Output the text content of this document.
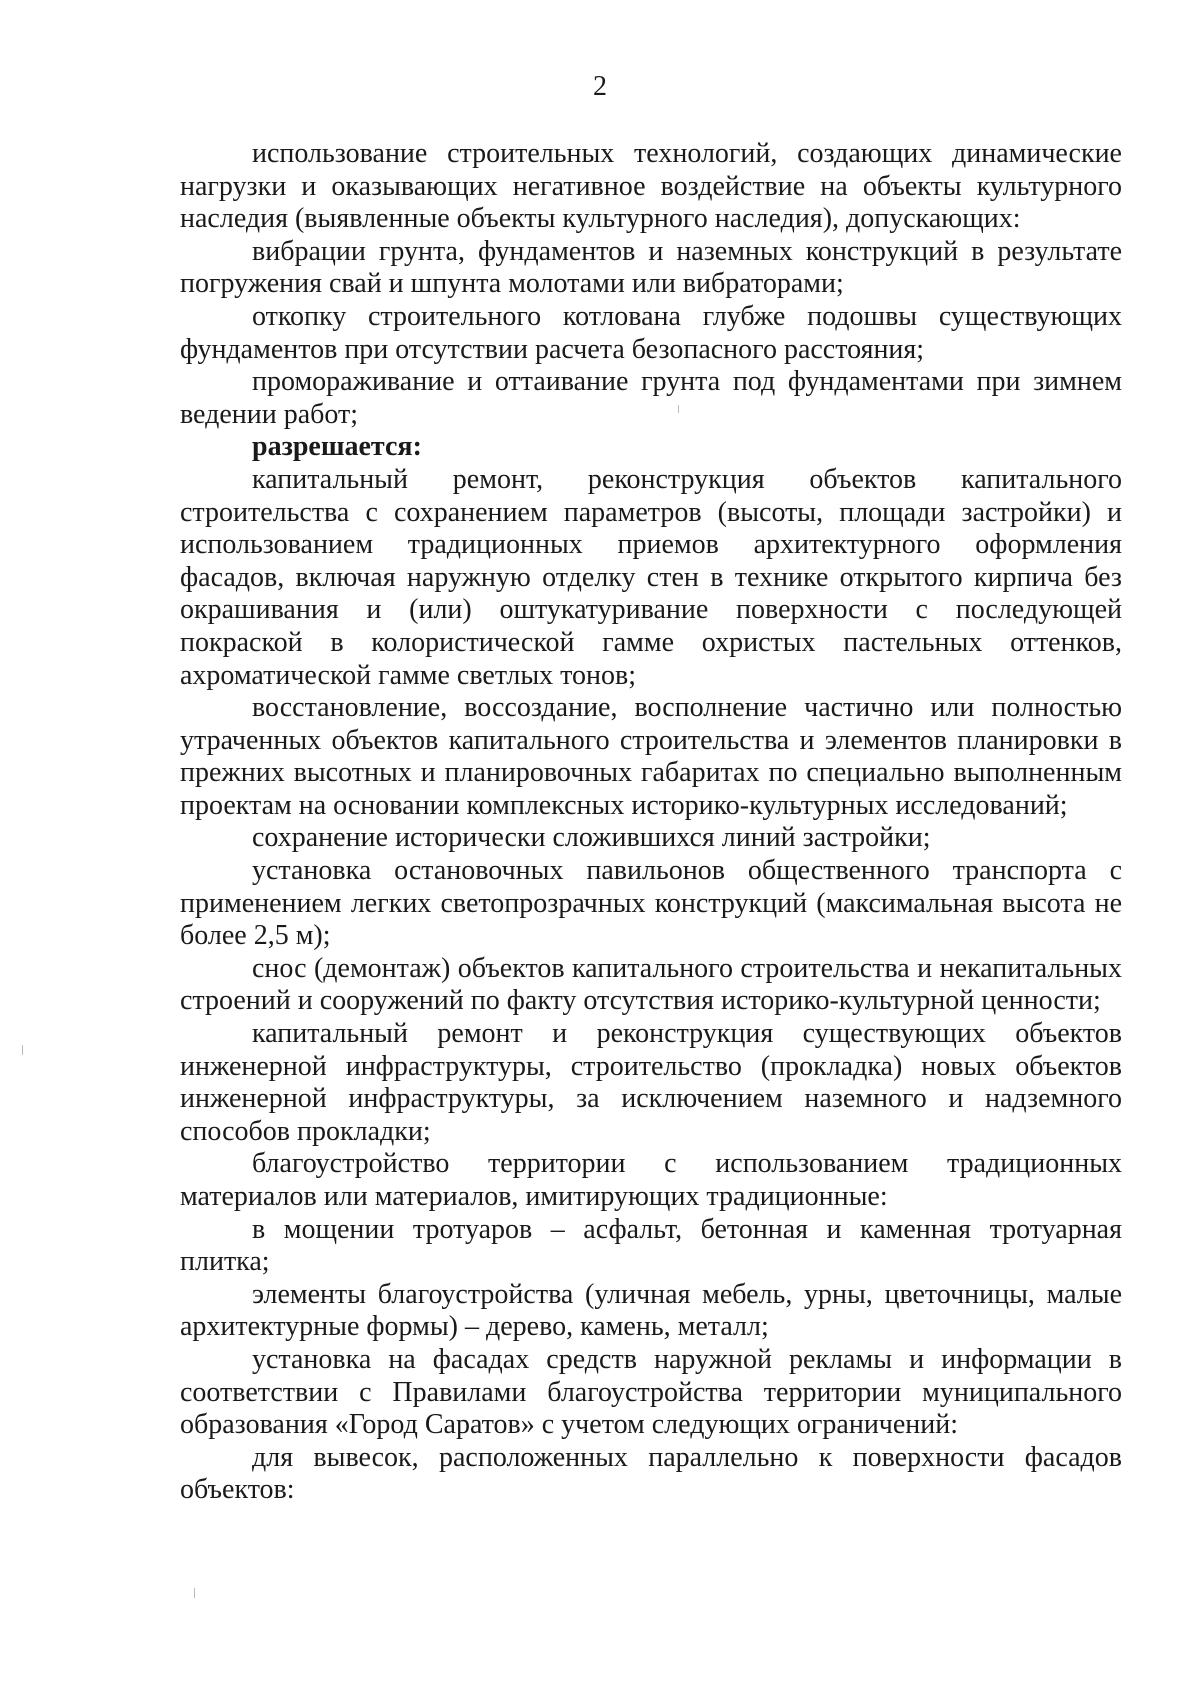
2

использование строительных технологий, создающих динамические нагрузки и оказывающих негативное воздействие на объекты культурного наследия (выявленные объекты культурного наследия), допускающих:

вибрации грунта, фундаментов и наземных конструкций в результате погружения свай и шпунта молотами или вибраторами;

откопку строительного котлована глубже подошвы существующих фундаментов при отсутствии расчета безопасного расстояния;

промораживание и оттаивание грунта под фундаментами при зимнем ведении работ;

разрешается:

капитальный ремонт, реконструкция объектов капитального строительства с сохранением параметров (высоты, площади застройки) и использованием традиционных приемов архитектурного оформления фасадов, включая наружную отделку стен в технике открытого кирпича без окрашивания и (или) оштукатуривание поверхности с последующей покраской в колористической гамме охристых пастельных оттенков, ахроматической гамме светлых тонов;

восстановление, воссоздание, восполнение частично или полностью утраченных объектов капитального строительства и элементов планировки в прежних высотных и планировочных габаритах по специально выполненным проектам на основании комплексных историко-культурных исследований;

сохранение исторически сложившихся линий застройки;

установка остановочных павильонов общественного транспорта с применением легких светопрозрачных конструкций (максимальная высота не более 2,5 м);

снос (демонтаж) объектов капитального строительства и некапитальных строений и сооружений по факту отсутствия историко-культурной ценности;

капитальный ремонт и реконструкция существующих объектов инженерной инфраструктуры, строительство (прокладка) новых объектов инженерной инфраструктуры, за исключением наземного и надземного способов прокладки;

благоустройство территории с использованием традиционных материалов или материалов, имитирующих традиционные:

в мощении тротуаров – асфальт, бетонная и каменная тротуарная плитка;

элементы благоустройства (уличная мебель, урны, цветочницы, малые архитектурные формы) – дерево, камень, металл;

установка на фасадах средств наружной рекламы и информации в соответствии с Правилами благоустройства территории муниципального образования «Город Саратов» с учетом следующих ограничений:

для вывесок, расположенных параллельно к поверхности фасадов объектов:
